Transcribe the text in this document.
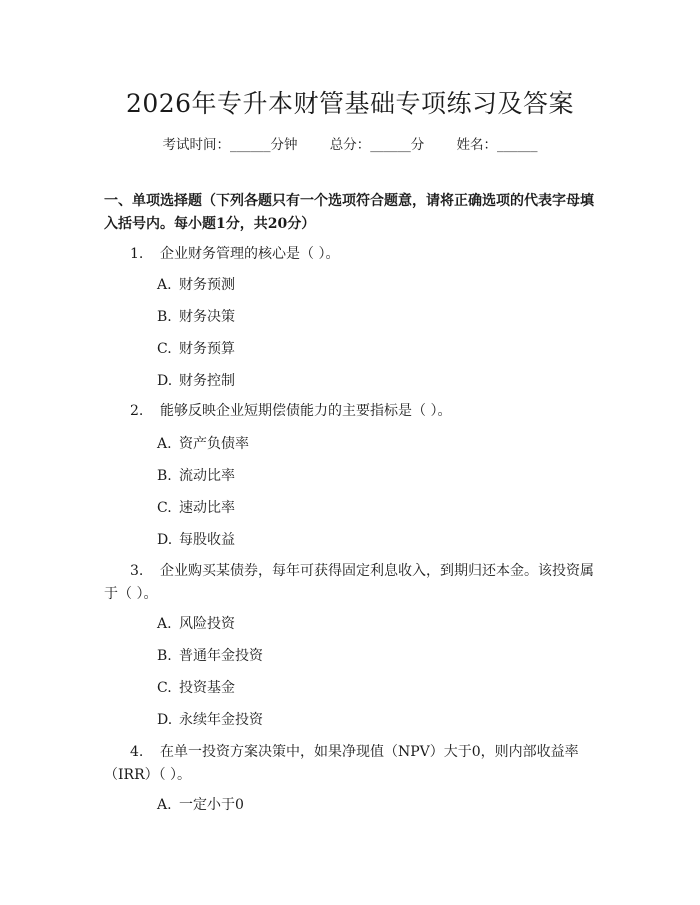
2026年专升本财管基础专项练习及答案
考试时间：______分钟 总分：______分 姓名：______
一、单项选择题（下列各题只有一个选项符合题意，请将正确选项的代表字母填入括号内。每小题1分，共20分）
1. 企业财务管理的核心是（ ）。
A. 财务预测
B. 财务决策
C. 财务预算
D. 财务控制
2. 能够反映企业短期偿债能力的主要指标是（ ）。
A. 资产负债率
B. 流动比率
C. 速动比率
D. 每股收益
3. 企业购买某债券，每年可获得固定利息收入，到期归还本金。该投资属于（ ）。
A. 风险投资
B. 普通年金投资
C. 投资基金
D. 永续年金投资
4. 在单一投资方案决策中，如果净现值（NPV）大于0，则内部收益率（IRR）（ ）。
A. 一定小于0
